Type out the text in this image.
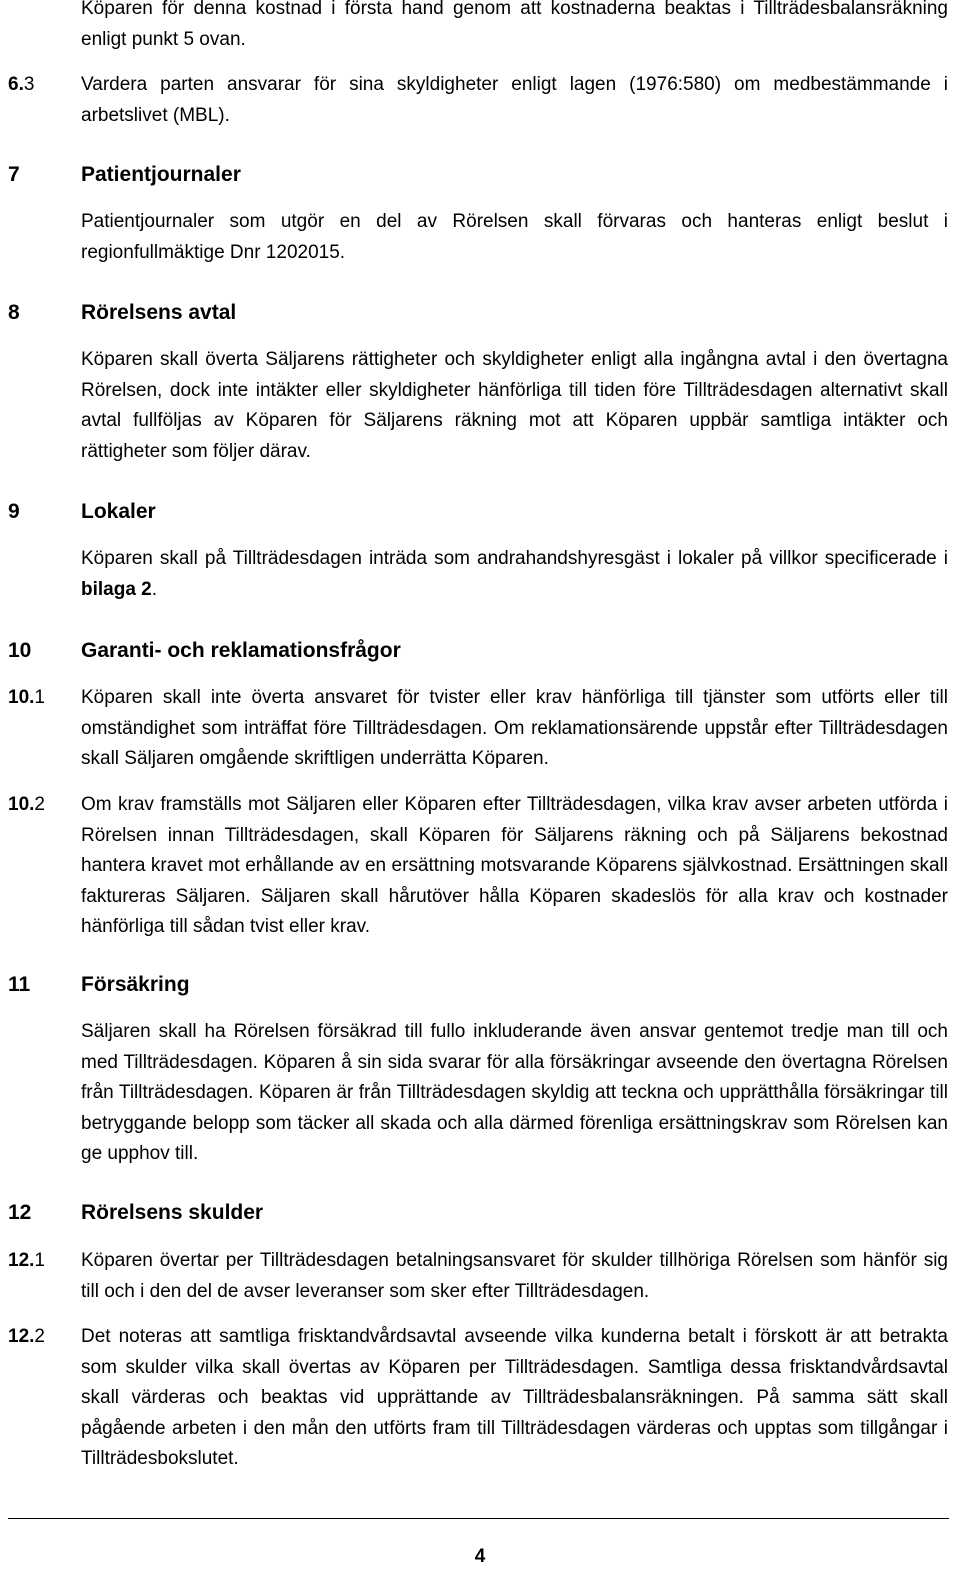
Köparen för denna kostnad i första hand genom att kostnaderna beaktas i Tillträdesbalansräkning enligt punkt 5 ovan.
6.3	Vardera parten ansvarar för sina skyldigheter enligt lagen (1976:580) om medbestämmande i arbetslivet (MBL).
7	Patientjournaler
Patientjournaler som utgör en del av Rörelsen skall förvaras och hanteras enligt beslut i regionfullmäktige Dnr 1202015.
8	Rörelsens avtal
Köparen skall överta Säljarens rättigheter och skyldigheter enligt alla ingångna avtal i den övertagna Rörelsen, dock inte intäkter eller skyldigheter hänförliga till tiden före Tillträdesdagen alternativt skall avtal fullföljas av Köparen för Säljarens räkning mot att Köparen uppbär samtliga intäkter och rättigheter som följer därav.
9	Lokaler
Köparen skall på Tillträdesdagen inträda som andrahandshyresgäst i lokaler på villkor specificerade i bilaga 2.
10 Garanti- och reklamationsfrågor
10.1	Köparen skall inte överta ansvaret för tvister eller krav hänförliga till tjänster som utförts eller till omständighet som inträffat före Tillträdesdagen. Om reklamationsärende uppstår efter Tillträdesdagen skall Säljaren omgående skriftligen underrätta Köparen.
10.2	Om krav framställs mot Säljaren eller Köparen efter Tillträdesdagen, vilka krav avser arbeten utförda i Rörelsen innan Tillträdesdagen, skall Köparen för Säljarens räkning och på Säljarens bekostnad hantera kravet mot erhållande av en ersättning motsvarande Köparens självkostnad. Ersättningen skall faktureras Säljaren. Säljaren skall hårutöver hålla Köparen skadeslös för alla krav och kostnader hänförliga till sådan tvist eller krav.
11 Försäkring
Säljaren skall ha Rörelsen försäkrad till fullo inkluderande även ansvar gentemot tredje man till och med Tillträdesdagen. Köparen å sin sida svarar för alla försäkringar avseende den övertagna Rörelsen från Tillträdesdagen. Köparen är från Tillträdesdagen skyldig att teckna och upprätthålla försäkringar till betryggande belopp som täcker all skada och alla därmed förenliga ersättningskrav som Rörelsen kan ge upphov till.
12 Rörelsens skulder
12.1	Köparen övertar per Tillträdesdagen betalningsansvaret för skulder tillhöriga Rörelsen som hänför sig till och i den del de avser leveranser som sker efter Tillträdesdagen.
12.2	Det noteras att samtliga frisktandvårdsavtal avseende vilka kunderna betalt i förskott är att betrakta som skulder vilka skall övertas av Köparen per Tillträdesdagen. Samtliga dessa frisktandvårdsavtal skall värderas och beaktas vid upprättande av Tillträdesbalansräkningen. På samma sätt skall pågående arbeten i den mån den utförts fram till Tillträdesdagen värderas och upptas som tillgångar i Tillträdesbokslutet.
4
